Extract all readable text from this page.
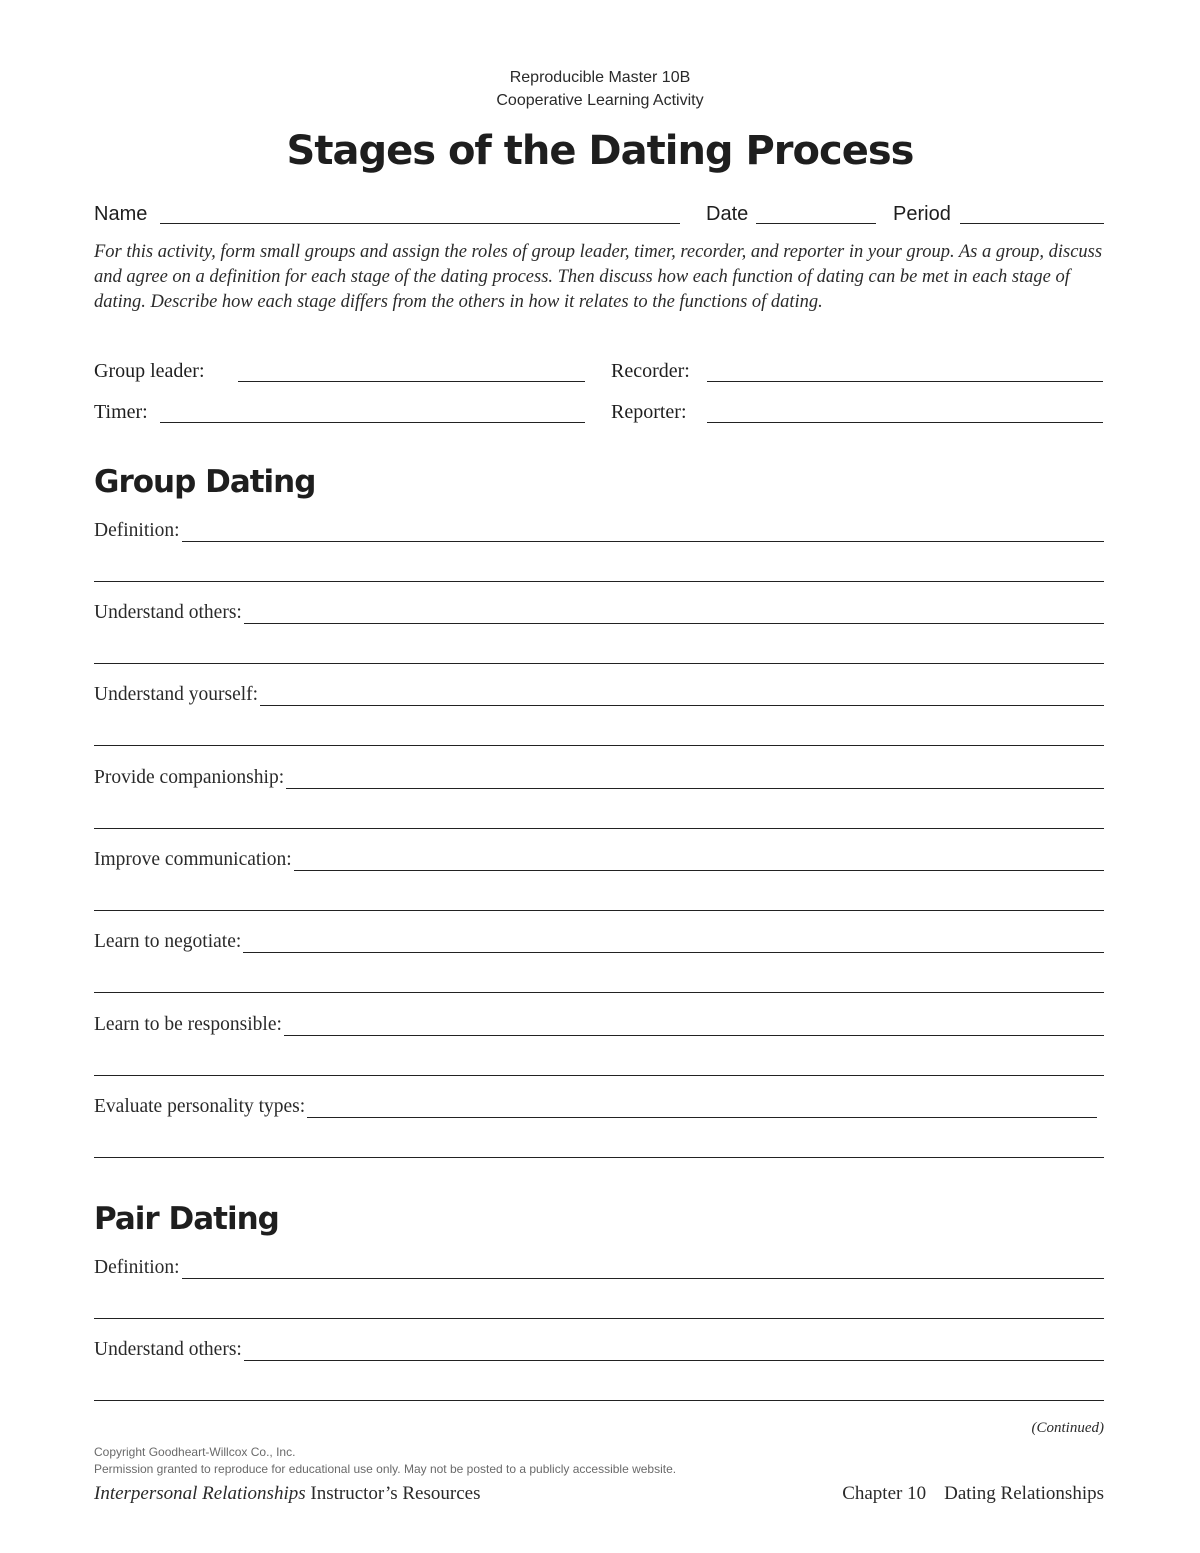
Reproducible Master 10B
Cooperative Learning Activity
Stages of the Dating Process
Name	Date	Period
For this activity, form small groups and assign the roles of group leader, timer, recorder, and reporter in your group. As a group, discuss and agree on a definition for each stage of the dating process. Then discuss how each function of dating can be met in each stage of dating. Describe how each stage differs from the others in how it relates to the functions of dating.
Group leader:	Recorder:
Timer:	Reporter:
Group Dating
Definition:
Understand others:
Understand yourself:
Provide companionship:
Improve communication:
Learn to negotiate:
Learn to be responsible:
Evaluate personality types:
Pair Dating
Definition:
Understand others:
(Continued)
Copyright Goodheart-Willcox Co., Inc.
Permission granted to reproduce for educational use only. May not be posted to a publicly accessible website.
Interpersonal Relationships Instructor’s Resources	Chapter 10 Dating Relationships
